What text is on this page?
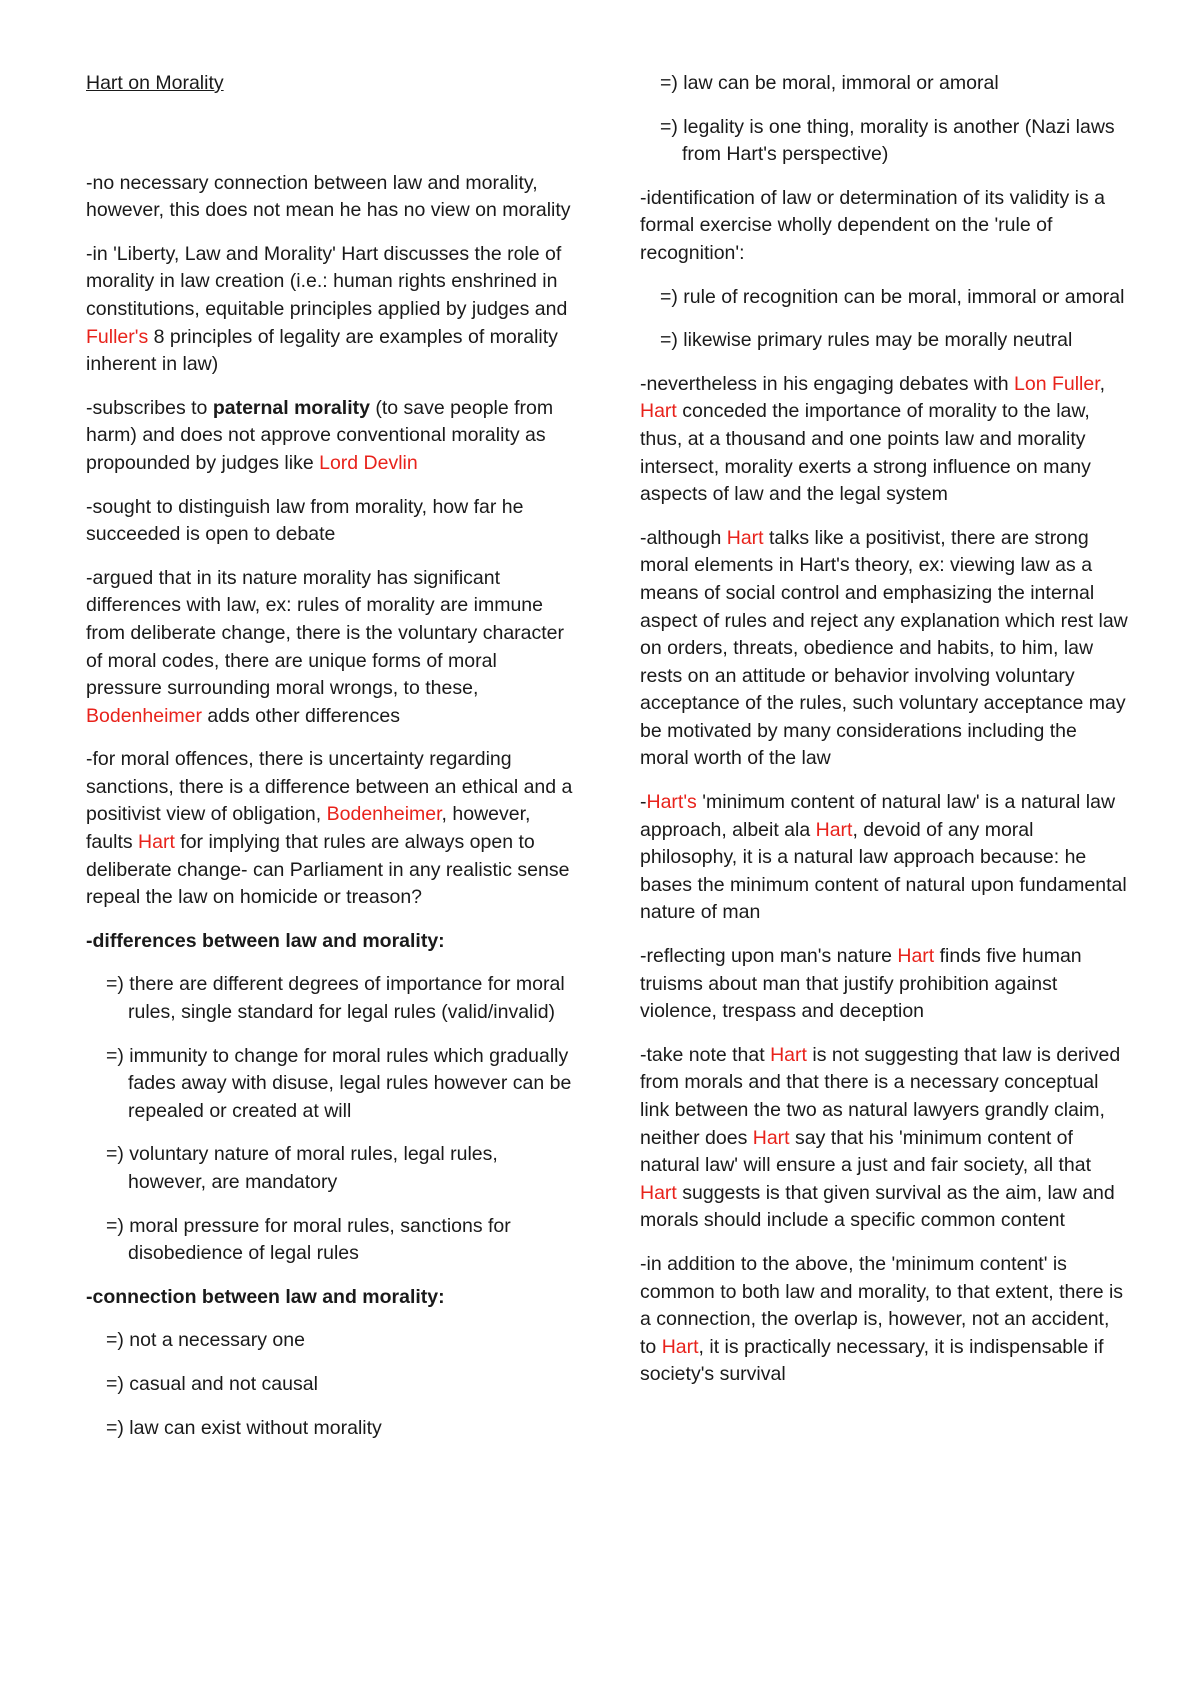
Hart on Morality

-no necessary connection between law and morality, however, this does not mean he has no view on morality

-in 'Liberty, Law and Morality' Hart discusses the role of morality in law creation (i.e.: human rights enshrined in constitutions, equitable principles applied by judges and Fuller's 8 principles of legality are examples of morality inherent in law)

-subscribes to paternal morality (to save people from harm) and does not approve conventional morality as propounded by judges like Lord Devlin

-sought to distinguish law from morality, how far he succeeded is open to debate

-argued that in its nature morality has significant differences with law, ex: rules of morality are immune from deliberate change, there is the voluntary character of moral codes, there are unique forms of moral pressure surrounding moral wrongs, to these, Bodenheimer adds other differences

-for moral offences, there is uncertainty regarding sanctions, there is a difference between an ethical and a positivist view of obligation, Bodenheimer, however, faults Hart for implying that rules are always open to deliberate change- can Parliament in any realistic sense repeal the law on homicide or treason?

-differences between law and morality:

=) there are different degrees of importance for moral rules, single standard for legal rules (valid/invalid)

=) immunity to change for moral rules which gradually fades away with disuse, legal rules however can be repealed or created at will

=) voluntary nature of moral rules, legal rules, however, are mandatory

=) moral pressure for moral rules, sanctions for disobedience of legal rules

-connection between law and morality:

=) not a necessary one

=) casual and not causal

=) law can exist without morality

=) law can be moral, immoral or amoral

=) legality is one thing, morality is another (Nazi laws from Hart's perspective)

-identification of law or determination of its validity is a formal exercise wholly dependent on the 'rule of recognition':

=) rule of recognition can be moral, immoral or amoral

=) likewise primary rules may be morally neutral

-nevertheless in his engaging debates with Lon Fuller, Hart conceded the importance of morality to the law, thus, at a thousand and one points law and morality intersect, morality exerts a strong influence on many aspects of law and the legal system

-although Hart talks like a positivist, there are strong moral elements in Hart's theory, ex: viewing law as a means of social control and emphasizing the internal aspect of rules and reject any explanation which rest law on orders, threats, obedience and habits, to him, law rests on an attitude or behavior involving voluntary acceptance of the rules, such voluntary acceptance may be motivated by many considerations including the moral worth of the law

-Hart's 'minimum content of natural law' is a natural law approach, albeit ala Hart, devoid of any moral philosophy, it is a natural law approach because: he bases the minimum content of natural upon fundamental nature of man

-reflecting upon man's nature Hart finds five human truisms about man that justify prohibition against violence, trespass and deception

-take note that Hart is not suggesting that law is derived from morals and that there is a necessary conceptual link between the two as natural lawyers grandly claim, neither does Hart say that his 'minimum content of natural law' will ensure a just and fair society, all that Hart suggests is that given survival as the aim, law and morals should include a specific common content

-in addition to the above, the 'minimum content' is common to both law and morality, to that extent, there is a connection, the overlap is, however, not an accident, to Hart, it is practically necessary, it is indispensable if society's survival
